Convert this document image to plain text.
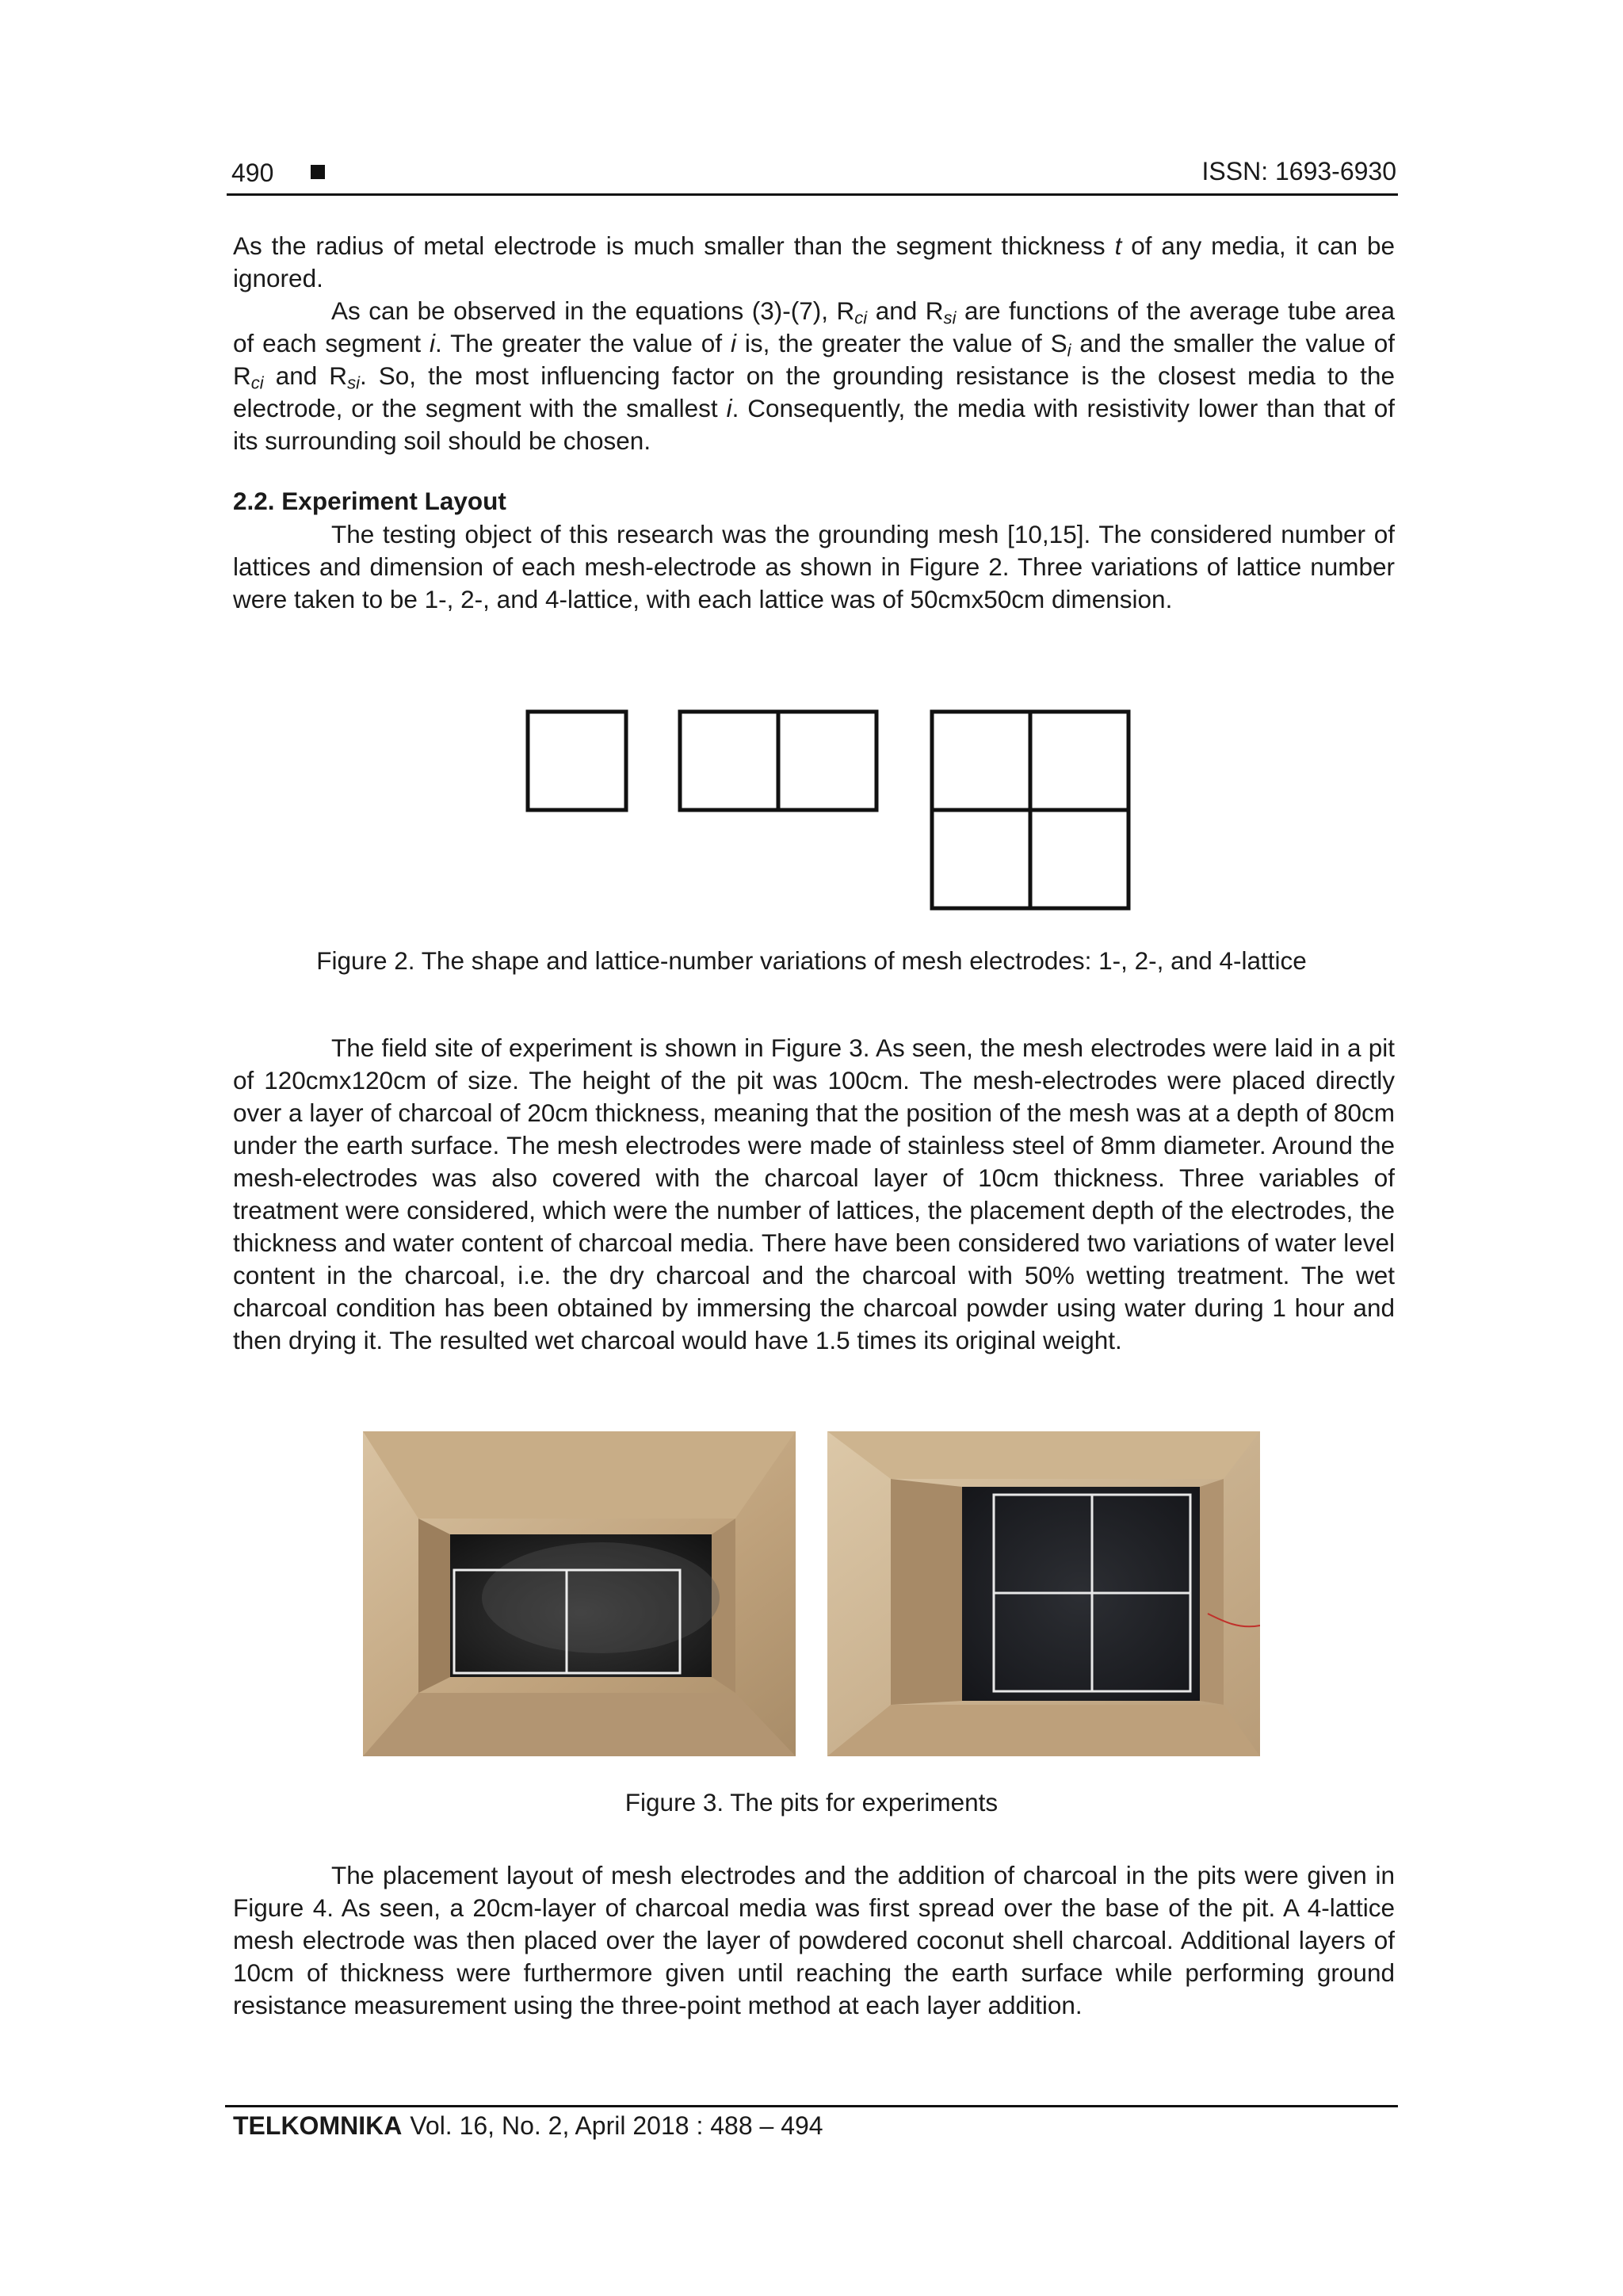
490	ISSN: 1693-6930

As the radius of metal electrode is much smaller than the segment thickness t of any media, it can be ignored.

As can be observed in the equations (3)-(7), $R_{ci}$ and $R_{si}$ are functions of the average tube area of each segment i. The greater the value of i is, the greater the value of $S_i$ and the smaller the value of $R_{ci}$ and $R_{si}$. So, the most influencing factor on the grounding resistance is the closest media to the electrode, or the segment with the smallest i. Consequently, the media with resistivity lower than that of its surrounding soil should be chosen.

2.2. Experiment Layout

The testing object of this research was the grounding mesh [10,15]. The considered number of lattices and dimension of each mesh-electrode as shown in Figure 2. Three variations of lattice number were taken to be 1-, 2-, and 4-lattice, with each lattice was of 50cmx50cm dimension.

Figure 2. The shape and lattice-number variations of mesh electrodes: 1-, 2-, and 4-lattice

The field site of experiment is shown in Figure 3. As seen, the mesh electrodes were laid in a pit of 120cmx120cm of size. The height of the pit was 100cm. The mesh-electrodes were placed directly over a layer of charcoal of 20cm thickness, meaning that the position of the mesh was at a depth of 80cm under the earth surface. The mesh electrodes were made of stainless steel of 8mm diameter. Around the mesh-electrodes was also covered with the charcoal layer of 10cm thickness. Three variables of treatment were considered, which were the number of lattices, the placement depth of the electrodes, the thickness and water content of charcoal media. There have been considered two variations of water level content in the charcoal, i.e. the dry charcoal and the charcoal with 50% wetting treatment. The wet charcoal condition has been obtained by immersing the charcoal powder using water during 1 hour and then drying it. The resulted wet charcoal would have 1.5 times its original weight.

Figure 3. The pits for experiments

The placement layout of mesh electrodes and the addition of charcoal in the pits were given in Figure 4. As seen, a 20cm-layer of charcoal media was first spread over the base of the pit. A 4-lattice mesh electrode was then placed over the layer of powdered coconut shell charcoal. Additional layers of 10cm of thickness were furthermore given until reaching the earth surface while performing ground resistance measurement using the three-point method at each layer addition.

TELKOMNIKA Vol. 16, No. 2, April 2018 : 488 – 494
